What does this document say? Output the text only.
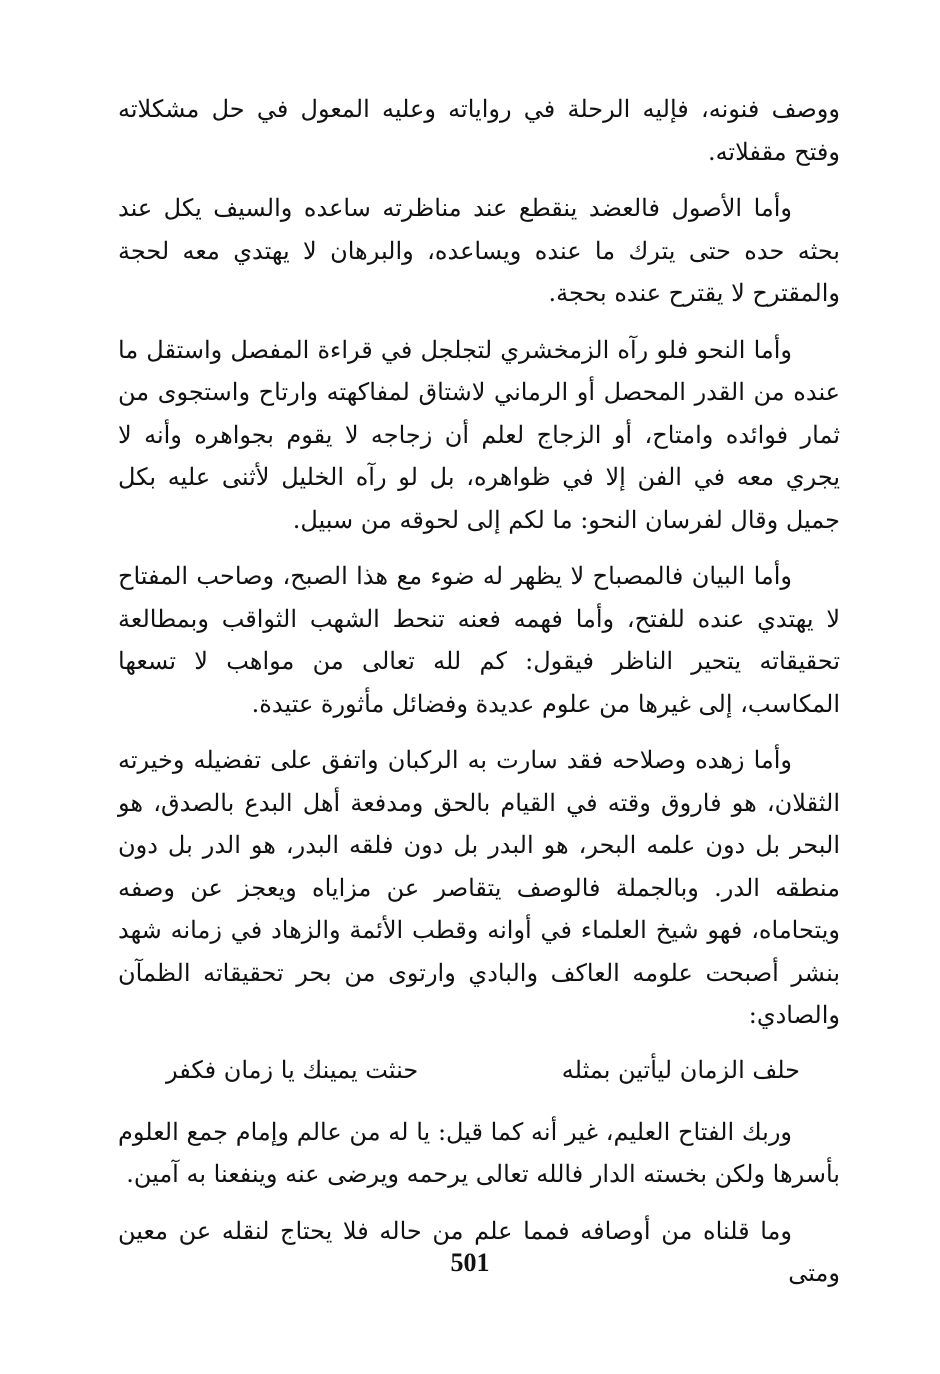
ووصف فنونه، فإليه الرحلة في رواياته وعليه المعول في حل مشكلاته وفتح مقفلاته.

وأما الأصول فالعضد ينقطع عند مناظرته ساعده والسيف يكل عند بحثه حده حتى يترك ما عنده ويساعده، والبرهان لا يهتدي معه لحجة والمقترح لا يقترح عنده بحجة.

وأما النحو فلو رآه الزمخشري لتجلجل في قراءة المفصل واستقل ما عنده من القدر المحصل أو الرماني لاشتاق لمفاكهته وارتاح واستجوى من ثمار فوائده وامتاح، أو الزجاج لعلم أن زجاجه لا يقوم بجواهره وأنه لا يجري معه في الفن إلا في ظواهره، بل لو رآه الخليل لأثنى عليه بكل جميل وقال لفرسان النحو: ما لكم إلى لحوقه من سبيل.

وأما البيان فالمصباح لا يظهر له ضوء مع هذا الصبح، وصاحب المفتاح لا يهتدي عنده للفتح، وأما فهمه فعنه تنحط الشهب الثواقب وبمطالعة تحقيقاته يتحير الناظر فيقول: كم لله تعالى من مواهب لا تسعها المكاسب، إلى غيرها من علوم عديدة وفضائل مأثورة عتيدة.

وأما زهده وصلاحه فقد سارت به الركبان واتفق على تفضيله وخيرته الثقلان، هو فاروق وقته في القيام بالحق ومدفعة أهل البدع بالصدق، هو البحر بل دون علمه البحر، هو البدر بل دون فلقه البدر، هو الدر بل دون منطقه الدر. وبالجملة فالوصف يتقاصر عن مزاياه ويعجز عن وصفه ويتحاماه، فهو شيخ العلماء في أوانه وقطب الأئمة والزهاد في زمانه شهد بنشر أصبحت علومه العاكف والبادي وارتوى من بحر تحقيقاته الظمآن والصادي:

حلف الزمان ليأتين بمثله
حنثت يمينك يا زمان فكفر

وربك الفتاح العليم، غير أنه كما قيل: يا له من عالم وإمام جمع العلوم بأسرها ولكن بخسته الدار فالله تعالى يرحمه ويرضى عنه وينفعنا به آمين.

وما قلناه من أوصافه فمما علم من حاله فلا يحتاج لنقله عن معين ومتى

501
